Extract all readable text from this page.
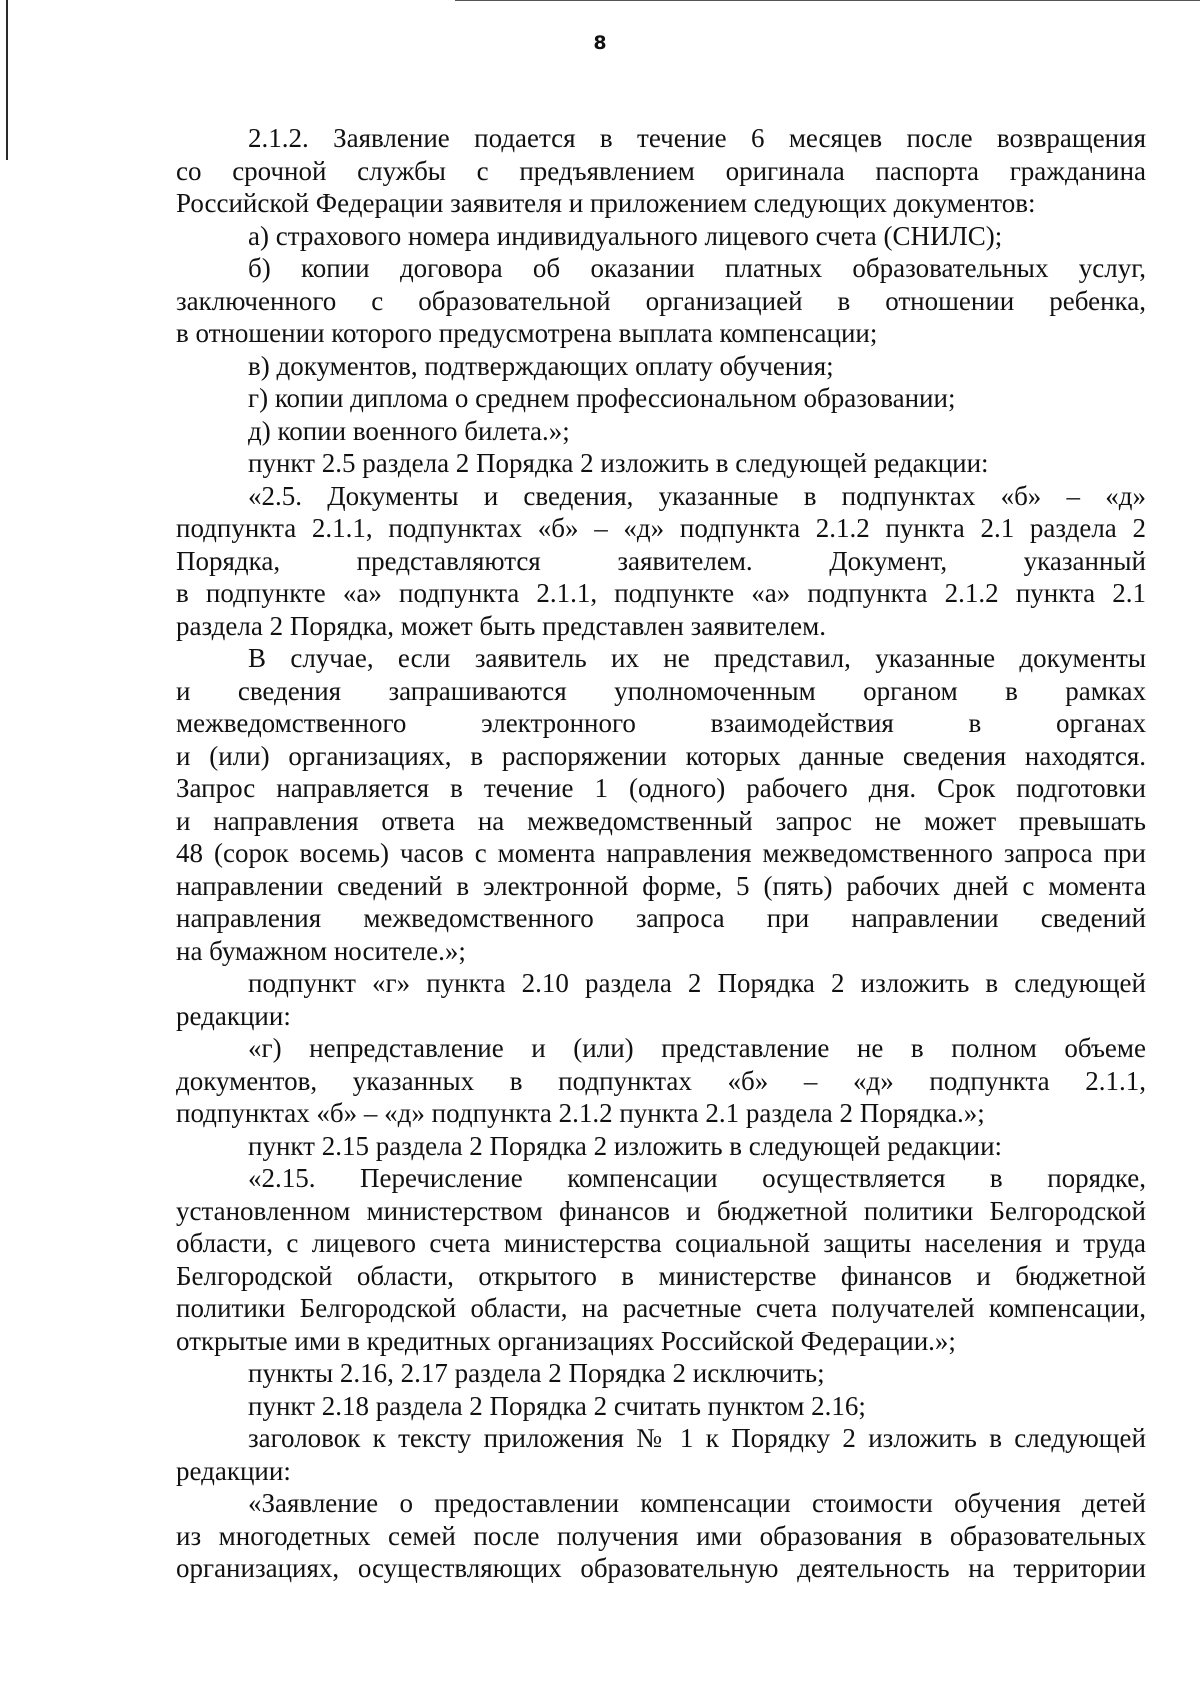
8
2.1.2. Заявление подается в течение 6 месяцев после возвращения
со срочной службы с предъявлением оригинала паспорта гражданина
Российской Федерации заявителя и приложением следующих документов:
а) страхового номера индивидуального лицевого счета (СНИЛС);
б) копии договора об оказании платных образовательных услуг,
заключенного с образовательной организацией в отношении ребенка,
в отношении которого предусмотрена выплата компенсации;
в) документов, подтверждающих оплату обучения;
г) копии диплома о среднем профессиональном образовании;
д) копии военного билета.»;
пункт 2.5 раздела 2 Порядка 2 изложить в следующей редакции:
«2.5. Документы и сведения, указанные в подпунктах «б» – «д»
подпункта 2.1.1, подпунктах «б» – «д» подпункта 2.1.2 пункта 2.1 раздела 2
Порядка, представляются заявителем. Документ, указанный
в подпункте «а» подпункта 2.1.1, подпункте «а» подпункта 2.1.2 пункта 2.1
раздела 2 Порядка, может быть представлен заявителем.
В случае, если заявитель их не представил, указанные документы
и сведения запрашиваются уполномоченным органом в рамках
межведомственного электронного взаимодействия в органах
и (или) организациях, в распоряжении которых данные сведения находятся.
Запрос направляется в течение 1 (одного) рабочего дня. Срок подготовки
и направления ответа на межведомственный запрос не может превышать
48 (сорок восемь) часов с момента направления межведомственного запроса при
направлении сведений в электронной форме, 5 (пять) рабочих дней с момента
направления межведомственного запроса при направлении сведений
на бумажном носителе.»;
подпункт «г» пункта 2.10 раздела 2 Порядка 2 изложить в следующей
редакции:
«г) непредставление и (или) представление не в полном объеме
документов, указанных в подпунктах «б» – «д» подпункта 2.1.1,
подпунктах «б» – «д» подпункта 2.1.2 пункта 2.1 раздела 2 Порядка.»;
пункт 2.15 раздела 2 Порядка 2 изложить в следующей редакции:
«2.15. Перечисление компенсации осуществляется в порядке,
установленном министерством финансов и бюджетной политики Белгородской
области, с лицевого счета министерства социальной защиты населения и труда
Белгородской области, открытого в министерстве финансов и бюджетной
политики Белгородской области, на расчетные счета получателей компенсации,
открытые ими в кредитных организациях Российской Федерации.»;
пункты 2.16, 2.17 раздела 2 Порядка 2 исключить;
пункт 2.18 раздела 2 Порядка 2 считать пунктом 2.16;
заголовок к тексту приложения № 1 к Порядку 2 изложить в следующей
редакции:
«Заявление о предоставлении компенсации стоимости обучения детей
из многодетных семей после получения ими образования в образовательных
организациях, осуществляющих образовательную деятельность на территории
